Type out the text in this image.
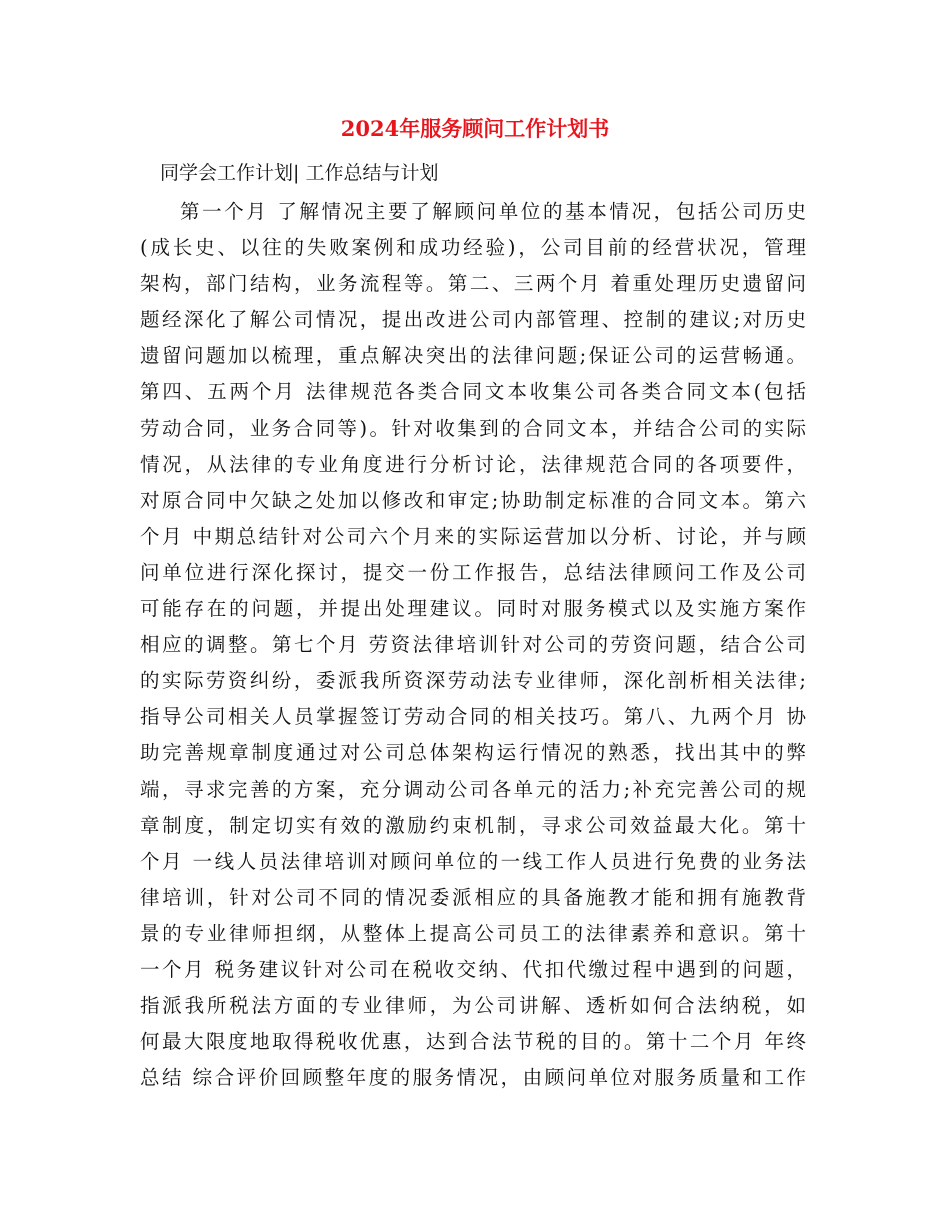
2024年服务顾问工作计划书

同学会工作计划| 工作总结与计划

第一个月 了解情况主要了解顾问单位的基本情况，包括公司历史
(成长史、以往的失败案例和成功经验)，公司目前的经营状况，管理
架构，部门结构，业务流程等。第二、三两个月 着重处理历史遗留问
题经深化了解公司情况，提出改进公司内部管理、控制的建议;对历史
遗留问题加以梳理，重点解决突出的法律问题;保证公司的运营畅通。
第四、五两个月 法律规范各类合同文本收集公司各类合同文本(包括
劳动合同，业务合同等)。针对收集到的合同文本，并结合公司的实际
情况，从法律的专业角度进行分析讨论，法律规范合同的各项要件，
对原合同中欠缺之处加以修改和审定;协助制定标准的合同文本。第六
个月 中期总结针对公司六个月来的实际运营加以分析、讨论，并与顾
问单位进行深化探讨，提交一份工作报告，总结法律顾问工作及公司
可能存在的问题，并提出处理建议。同时对服务模式以及实施方案作
相应的调整。第七个月 劳资法律培训针对公司的劳资问题，结合公司
的实际劳资纠纷，委派我所资深劳动法专业律师，深化剖析相关法律;
指导公司相关人员掌握签订劳动合同的相关技巧。第八、九两个月 协
助完善规章制度通过对公司总体架构运行情况的熟悉，找出其中的弊
端，寻求完善的方案，充分调动公司各单元的活力;补充完善公司的规
章制度，制定切实有效的激励约束机制，寻求公司效益最大化。第十
个月 一线人员法律培训对顾问单位的一线工作人员进行免费的业务法
律培训，针对公司不同的情况委派相应的具备施教才能和拥有施教背
景的专业律师担纲，从整体上提高公司员工的法律素养和意识。第十
一个月 税务建议针对公司在税收交纳、代扣代缴过程中遇到的问题，
指派我所税法方面的专业律师，为公司讲解、透析如何合法纳税，如
何最大限度地取得税收优惠，达到合法节税的目的。第十二个月 年终
总结 综合评价回顾整年度的服务情况，由顾问单位对服务质量和工作
